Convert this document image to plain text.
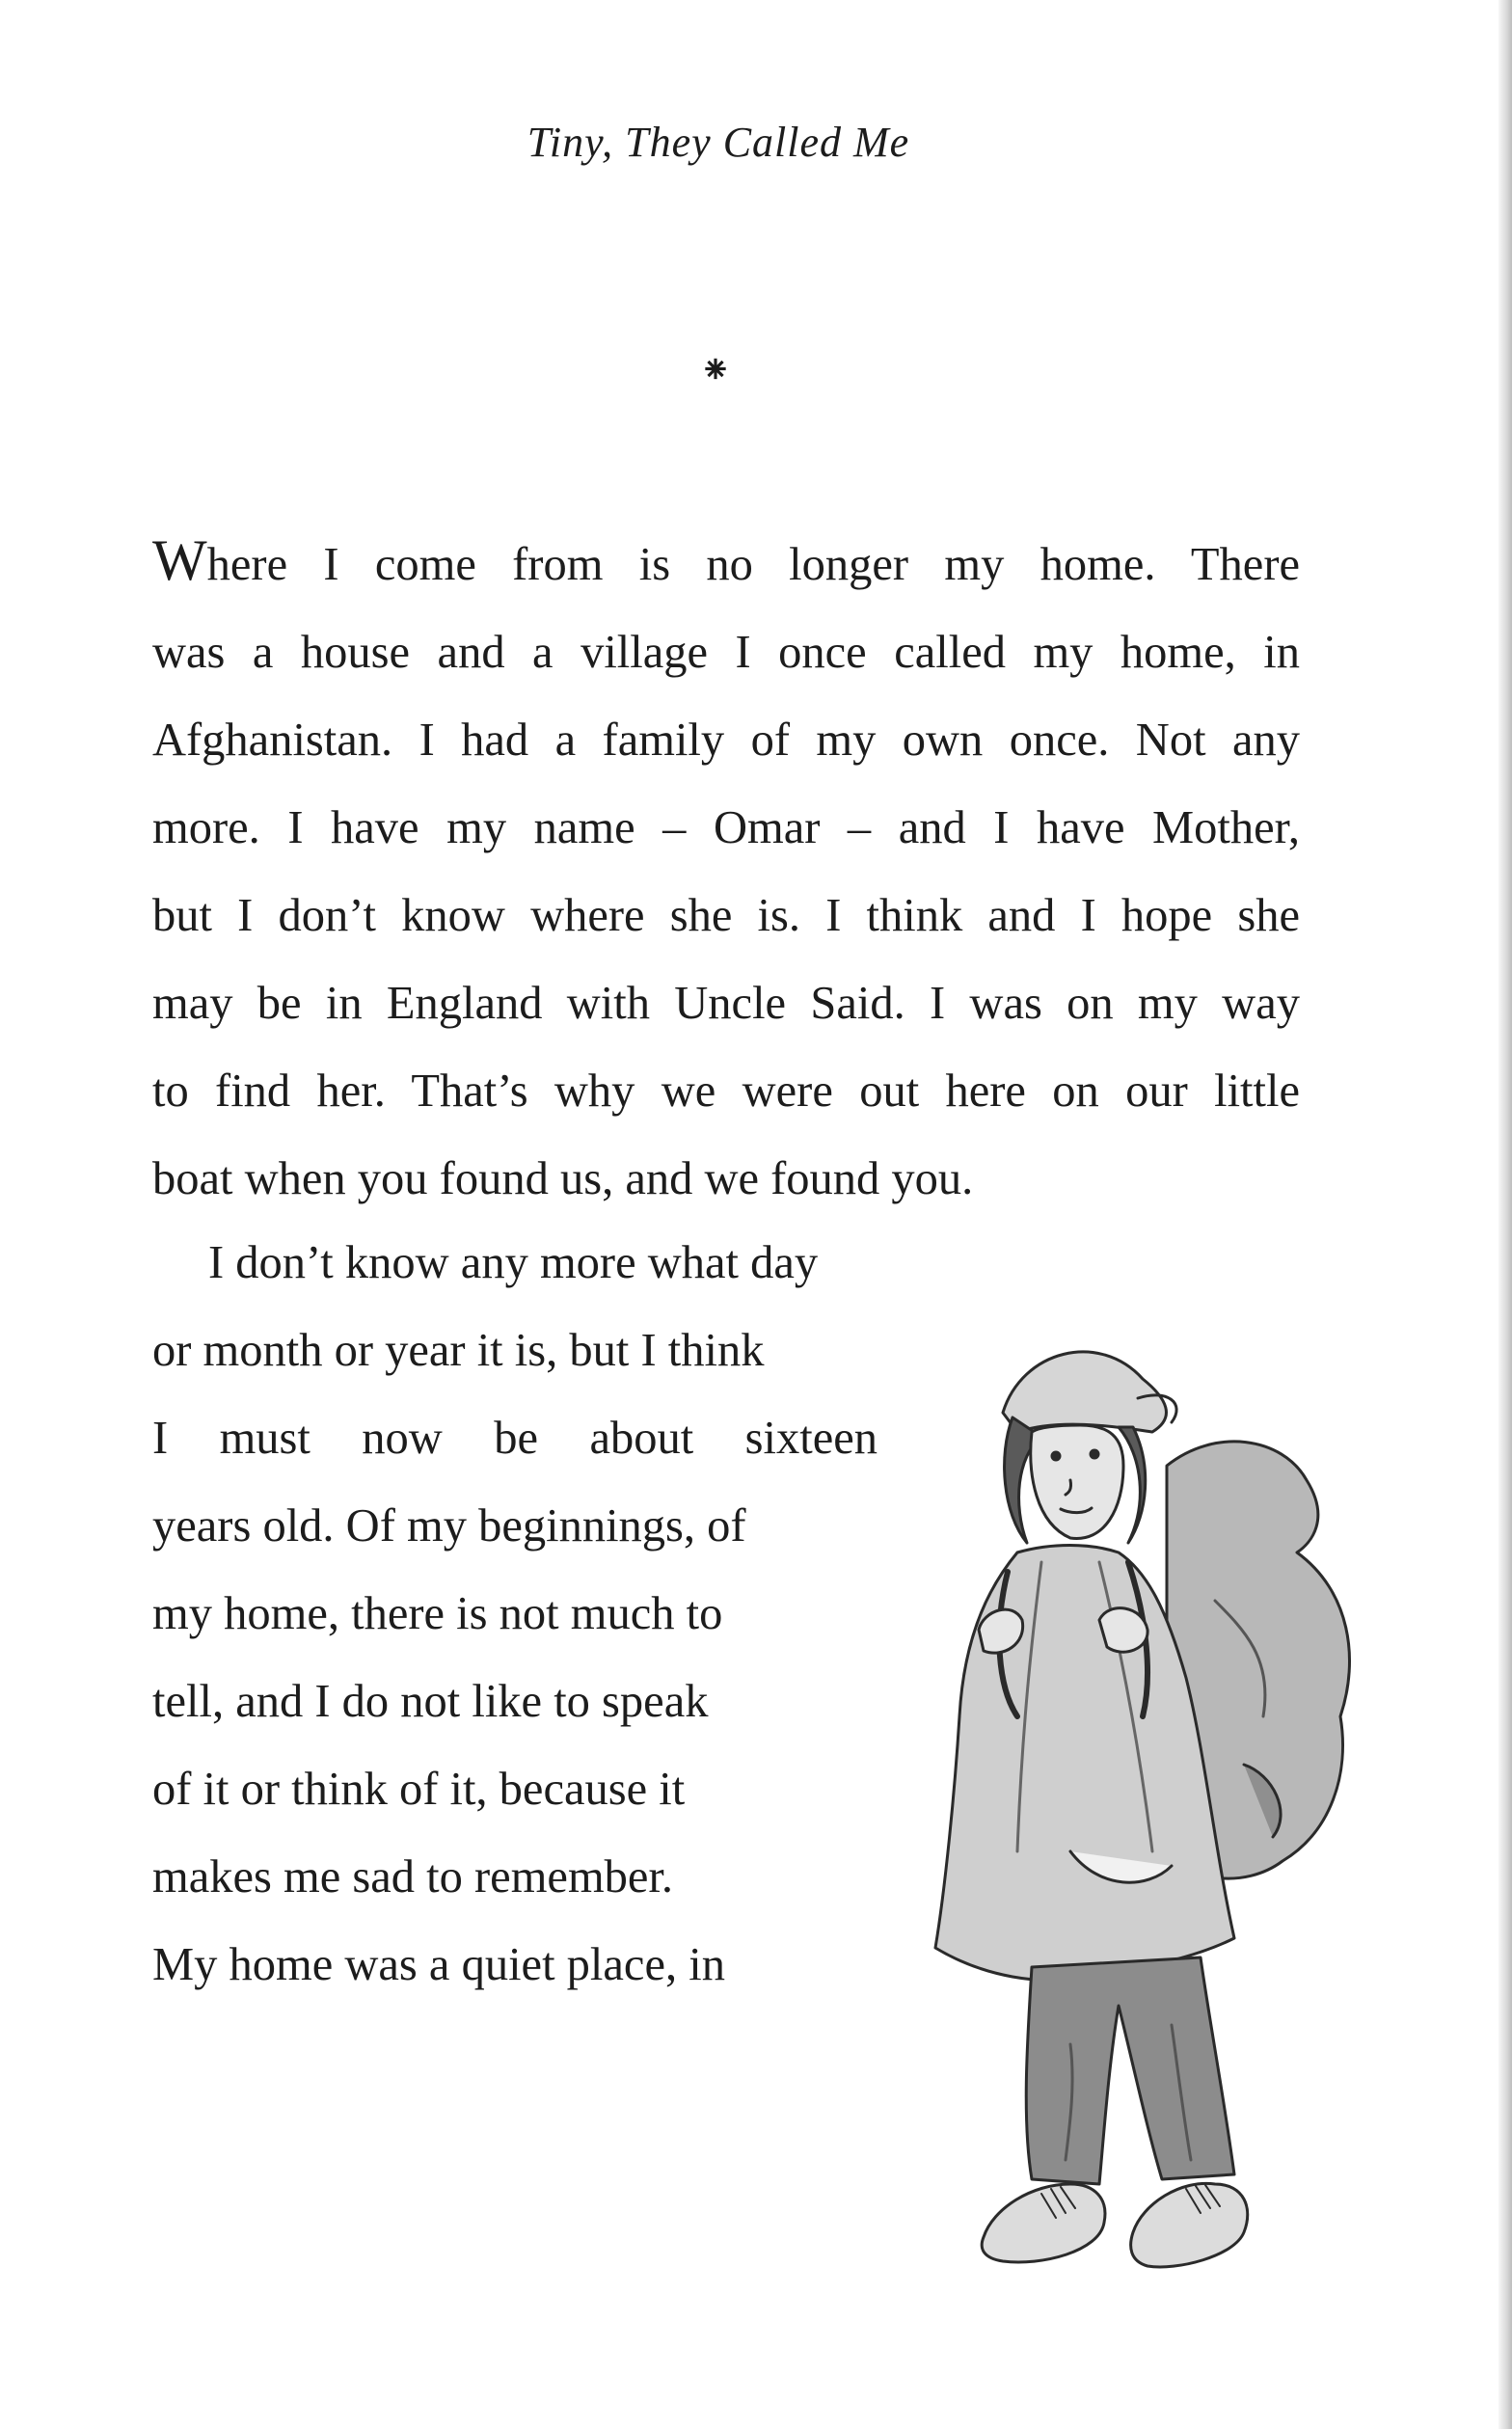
Tiny, They Called Me
⁕
Where I come from is no longer my home. There
was a house and a village I once called my home, in
Afghanistan. I had a family of my own once. Not any
more. I have my name – Omar – and I have Mother,
but I don’t know where she is. I think and I hope she
may be in England with Uncle Said. I was on my way
to find her. That’s why we were out here on our little
boat when you found us, and we found you.
I don’t know any more what day
or month or year it is, but I think
I must now be about sixteen
years old. Of my beginnings, of
my home, there is not much to
tell, and I do not like to speak
of it or think of it, because it
makes me sad to remember.
My home was a quiet place, in
